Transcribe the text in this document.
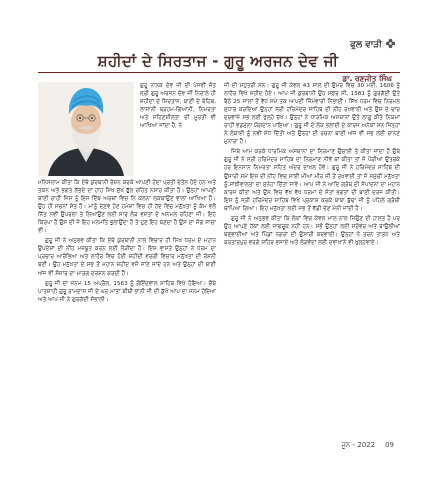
ਫੁਲ ਵਾੜੀ
ਸ਼ਹੀਦਾਂ ਦੇ ਸਿਰਤਾਜ - ਗੁਰੂ ਅਰਜਨ ਦੇਵ ਜੀ
ਡਾ. ਰਣਜੀਤ ਸਿੰਘ

ਗੁਰੂ ਨਾਨਕ ਦੇਵ ਜੀ ਦੀ ਪੰਜਵੀਂ ਜੋਤ ਸ੍ਰੀ ਗੁਰੂ ਅਰਜਨ ਦੇਵ ਜੀ ਨਿਰਾਲੇ ਹੀ ਸ਼ਹੀਦਾਂ ਦੇ ਸਿਰਤਾਜ, ਬਾਣੀ ਦੇ ਬੋਹਿਥ, ਲਾਸਾਨੀ ਬ੍ਰਹਮ-ਗਿਆਨੀ, ਨਿਮਰਤਾ ਅਤੇ ਸਹਿਣਸ਼ੀਲਤਾ ਦੀ ਮੂਰਤੀ ਵੀ ਆਖਿਆ ਜਾਂਦਾ ਹੈ, ਨੇ

ਮਨਿਸਲਾਮ ਕੀਤਾ ਕਿ ਏਥੇ ਕੁਰਬਾਨੀ ਰੋਸ਼ਨ ਕਰਕੇ ਆਪਣੀ ਹੋਂਦਾ ਪ੍ਰਤੀ ਚੇਤੰਨ ਹੋਏ ਹਨ ਅਤੇ ਤਕਨ ਅਤੇ ਭਗਤ ਲੱਭਦੇ ਦਾ ਹਾਂਹ ਸਿਖ ਸੁੱਖ ਫੁੱਲ ਰਹਿਤ ਨਸ਼ਾਰ ਕੀਤਾ ਹੈ। ਉਨ੍ਹਾਂ ਆਪਣੀ ਬਾਣੀ ਰਾਹੀਂ ਜਿਸ ਨੂੰ ਇਸ ਦਿੱਬ ਅਰਥਾਂ ਵਿਚ ਨਿ ਕਲਨਾ ਲਕਬਾਉਣ ਵਾਲਾ ਆਖਿਆ ਹੈ। ਉਹ ਹੀ ਸਚਨਾਂ ਸੰਤ ਹੈ। ਮਾਨੂੰ ਦੇਣਵ ਹੋਣ ਹਮੇਸ਼ਾਂ ਵਿਚ ਹੀ ਹੱਦ ਵਿਚ ਮਨੁੱਖਤਾ ਨੂੰ ਕੰਮ ਵਲੋਂ ਨਿੱਤ ਨਵੀਂ ਉਪਰਲਾ ਤੇ ਲਿਆਉਣ ਲਈ ਸਾਰ ਲੋੜ ਵਸਤਾਂ ਦੇ ਅਨਮਲ ਰਹਿਣਾ ਜੀ। ਇਹ ਕਿਰਪਾ ਹੈ ਉਸ ਦੀ ਜੋ ਇਹ ਮਨਮਤਿ ਭੁਲਾਉਂਦਾ ਹੈ ਤੇ ਹੁਣ ਇਹ ਬਣਦਾ ਹੈ ਉਸ ਦਾ ਸੰਗ ਸਾਚਾ ਵੀ।

ਗੁਰੂ ਜੀ ਨੇ ਅਨੁਭਵ ਕੀਤਾ ਕਿ ਏਥੇ ਕੁਰਬਾਨੀ ਨਾਲ ਵਿਚਾਰ ਹੀ ਸਿਖ ਧਰਮ ਦੇ ਮਹਾਨ ਉਪਦੇਸ਼ਾਂ ਦੀ ਨੀਂਹ ਮਜ਼ਬੂਤ ਕਰਨ ਲਈ ਲੋੜੀਂਦਾ ਹੈ। ਇਸ ਵਾਸਤੇ ਉਨ੍ਹਾਂ ਨੇ ਧਰਮ ਦਾ ਪ੍ਰਚਾਰ ਆਰੰਭਿਆ ਅਤੇ ਲਾਹੌਰ ਵਿਚ ਹੋਈ ਸ਼ਹੀਦੀ ਵਰਗੀ ਵਿਚਾਰ ਮਨੁੱਖਤਾ ਦੀ ਰੋਸ਼ਨੀ ਬਣੀ। ਉਹ ਮਨੁੱਖਤਾ ਦੇ ਸਭ ਤੋਂ ਮਹਾਨ ਸ਼ਹੀਦ ਵਜੋਂ ਜਾਣੇ ਜਾਂਦੇ ਹਨ ਅਤੇ ਉਨ੍ਹਾਂ ਦੀ ਬਾਣੀ ਅੱਜ ਵੀ ਸੰਸਾਰ ਦਾ ਮਾਰਗ ਦਰਸ਼ਨ ਕਰਦੀ ਹੈ।

ਗੁਰੂ ਜੀ ਦਾ ਜਨਮ 15 ਅਪ੍ਰੈਲ, 1563 ਨੂੰ ਗੋਇੰਦਵਾਲ ਸਾਹਿਬ ਵਿਖੇ ਹੋਇਆ। ਚੌਥੇ ਪਾਤਸ਼ਾਹੀ ਗੁਰੂ ਰਾਮਦਾਸ ਜੀ ਦੇ ਘਰ ਮਾਤਾ ਬੀਬੀ ਭਾਨੀ ਜੀ ਦੀ ਕੁੱਖੋਂ ਆਪ ਦਾ ਜਨਮ ਹੋਇਆ ਅਤੇ ਆਪ ਜੀ ਨੇ ਗੁਰਗੱਦੀ ਸੰਭਾਲੀ।

ਜੀ ਦੀ ਸਪੁੱਤਰੀ ਸਨ। ਗੁਰੂ ਜੀ ਕੇਵਲ 43 ਸਾਲ ਦੀ ਉਮਰ ਵਿਚ 30 ਮਈ, 1606 ਨੂੰ ਲਾਹੌਰ ਵਿਖੇ ਸ਼ਹੀਦ ਹੋਏ। ਆਪ ਜੀ ਕੁਰਬਾਨੀ ਉਹ ਸਫ਼ਰ ਸੀ, 1581 ਨੂੰ ਗੁਰਗੱਦੀ ਉਤੇ ਬੈਠੇ 25 ਸਾਲਾਂ ਤੋਂ ਵੱਧ ਸਮੇਂ ਤਕ ਆਪਣੀ ਜ਼ਿੰਮੇਵਾਰੀ ਨਿਭਾਈ। ਸਿੱਖ ਧਰਮ ਵਿਚ ਨਿਰਮਲ ਸੁਧਾਰ ਕਰਦਿਆਂ ਉਨ੍ਹਾਂ ਸ੍ਰੀ ਹਰਿਮੰਦਰ ਸਾਹਿਬ ਦੀ ਨੀਂਹ ਰਖਵਾਈ ਅਤੇ ਉਸ ਦੇ ਚਾਰ ਦਰਵਾਜ਼ੇ ਸਭ ਲਈ ਖੁੱਲ੍ਹੇ ਰੱਖੇ। ਉਨ੍ਹਾਂ ਨੇ ਧਾਰਮਿਕ ਅਸਥਾਨਾਂ ਉਤੇ ਲਾਗੂ ਕੀਤੇ ਨਿਯਮਾਂ ਰਾਹੀਂ ਵਡਮੁੱਲਾ ਯੋਗਦਾਨ ਪਾਇਆ। ਗੁਰੂ ਜੀ ਦੇ ਲੋਕ ਭਲਾਈ ਦੇ ਕਾਰਜ ਅਨੇਕਾਂ ਸਨ ਜਿਨ੍ਹਾਂ ਨੇ ਲੋਕਾਈ ਨੂੰ ਨਵੀਂ ਸੇਧ ਦਿੱਤੀ ਅਤੇ ਉਨ੍ਹਾਂ ਦੀ ਰਚਨਾ ਬਾਣੀ ਅੱਜ ਵੀ ਸਭ ਲਈ ਚਾਨਣ ਮੁਨਾਰਾ ਹੈ।

ਜਿਥੇ ਆਮ ਕਰਕੇ ਧਾਰਮਿਕ ਅਸਥਾਨਾਂ ਦਾ ਨਿਰਮਾਣ ਉਚਾਈ ਤੇ ਕੀਤਾ ਜਾਂਦਾ ਹੈ ਉਥੇ ਗੁਰੂ ਜੀ ਨੇ ਸ੍ਰੀ ਹਰਿਮੰਦਰ ਸਾਹਿਬ ਦਾ ਨਿਰਮਾਣ ਨੀਵੇਂ ਥਾਂ ਕੀਤਾ ਤਾਂ ਜੋ ਪੌੜੀਆਂ ਉਤਰਕੇ ਹਰ ਇਨਸਾਨ ਨਿਮਰਤਾ ਸਹਿਤ ਅੰਦਰ ਦਾਖਲ ਹੋਵੇ। ਗੁਰੂ ਜੀ ਨੇ ਹਰਿਮੰਦਰ ਸਾਹਿਬ ਦੀ ਉਸਾਰੀ ਸਮੇਂ ਇਸ ਦੀ ਨੀਂਹ ਵਿਚ ਸਾਈਂ ਮੀਆਂ ਮੀਰ ਜੀ ਤੋਂ ਰਖਵਾਈ ਤਾਂ ਜੋ ਸਮੁੱਚੀ ਮਨੁੱਖਤਾ ਨੂੰ ਸਾਂਝੀਵਾਲਤਾ ਦਾ ਸੁਨੇਹਾ ਦਿੱਤਾ ਜਾਵੇ। ਆਪ ਜੀ ਨੇ ਆਦਿ ਗ੍ਰੰਥ ਦੀ ਸੰਪਾਦਨਾ ਦਾ ਮਹਾਨ ਕਾਰਜ ਕੀਤਾ ਅਤੇ ਉਸ ਵਿਚ ਵੱਖ ਵੱਖ ਧਰਮਾਂ ਦੇ ਸੰਤਾਂ ਭਗਤਾਂ ਦੀ ਬਾਣੀ ਦਰਜ ਕੀਤੀ। ਇਸ ਨੂੰ ਸ੍ਰੀ ਹਰਿਮੰਦਰ ਸਾਹਿਬ ਵਿਖੇ ਪ੍ਰਕਾਸ਼ ਕਰਕੇ ਬਾਬਾ ਬੁੱਢਾ ਜੀ ਨੂੰ ਪਹਿਲੇ ਗ੍ਰੰਥੀ ਥਾਪਿਆ ਗਿਆ। ਇਹ ਮਨੁੱਖਤਾ ਲਈ ਸਭ ਤੋਂ ਵੱਡੀ ਦੇਣ ਮੰਨੀ ਜਾਂਦੀ ਹੈ।

ਗੁਰੂ ਜੀ ਨੇ ਅਨੁਭਵ ਕੀਤਾ ਕਿ ਲੋਕਾਂ ਵਿਚ ਕੇਵਲ ਮਾਲ ਨਾਲ ਜਿਉਣ ਦੀ ਹਾਲਤ ਹੈ ਪਰ ਉਹ ਆਪਣੇ ਹੱਕਾਂ ਲਈ ਜਾਗਰੂਕ ਨਹੀਂ ਹਨ। ਸਭੋ ਉਨ੍ਹਾਂ ਲਈ ਸਰੋਵਰ ਅਤੇ ਬਾਉਲੀਆਂ ਬਣਵਾਈਆਂ ਅਤੇ ਪਿੰਡਾਂ ਨਗਰਾਂ ਦੀ ਉਸਾਰੀ ਕਰਵਾਈ। ਉਨ੍ਹਾਂ ਨੇ ਤਰਨ ਤਾਰਨ ਅਤੇ ਕਰਤਾਰਪੁਰ ਵਰਗੇ ਸ਼ਹਿਰ ਵਸਾਏ ਅਤੇ ਲੋੜਵੰਦਾਂ ਲਈ ਦਵਾਖਾਨੇ ਵੀ ਖੁਲ੍ਹਵਾਏ।

ਜੂਨ - 2022 09
